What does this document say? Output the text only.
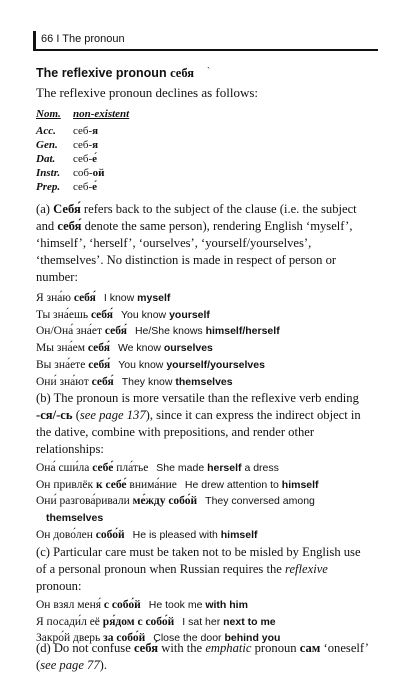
66 I The pronoun
The reflexive pronoun себя `
The reflexive pronoun declines as follows:
Nom. non-existent
Acc. себ-я
Gen. себ-я
Dat. себ-е́
Instr. соб-ой
Prep. себ-е́
(a) Себя́ refers back to the subject of the clause (i.e. the subject
and себя́ denote the same person), rendering English ‘myself’,
‘himself’, ‘herself’, ‘ourselves’, ‘yourself/yourselves’,
‘themselves’. No distinction is made in respect of person or
number:
Я зна́ю себя́ I know myself
Ты зна́ешь себя́ You know yourself
Он/Она́ зна́ет себя́ He/She knows himself/herself
Мы зна́ем себя́ We know ourselves
Вы зна́ете себя́ You know yourself/yourselves
Они́ зна́ют себя́ They know themselves
(b) The pronoun is more versatile than the reflexive verb ending
-ся/-сь (see page 137), since it can express the indirect object in
the dative, combine with prepositions, and render other
relationships:
Она́ сши́ла себе́ пла́тье She made herself a dress
Он привлёк к себе́ внима́ние He drew attention to himself
Они́ разгова́ривали ме́жду собо́й They conversed among
themselves
Он дово́лен собо́й He is pleased with himself
(c) Particular care must be taken not to be misled by English use
of a personal pronoun when Russian requires the reflexive
pronoun:
Он взял меня́ с собо́й He took me with him
Я посади́л её ря́дом с собо́й I sat her next to me
Закро́й дверь за собо́й Close the door behind you
(d) Do not confuse себя́ with the emphatic pronoun сам ‘oneself’
(see page 77).
